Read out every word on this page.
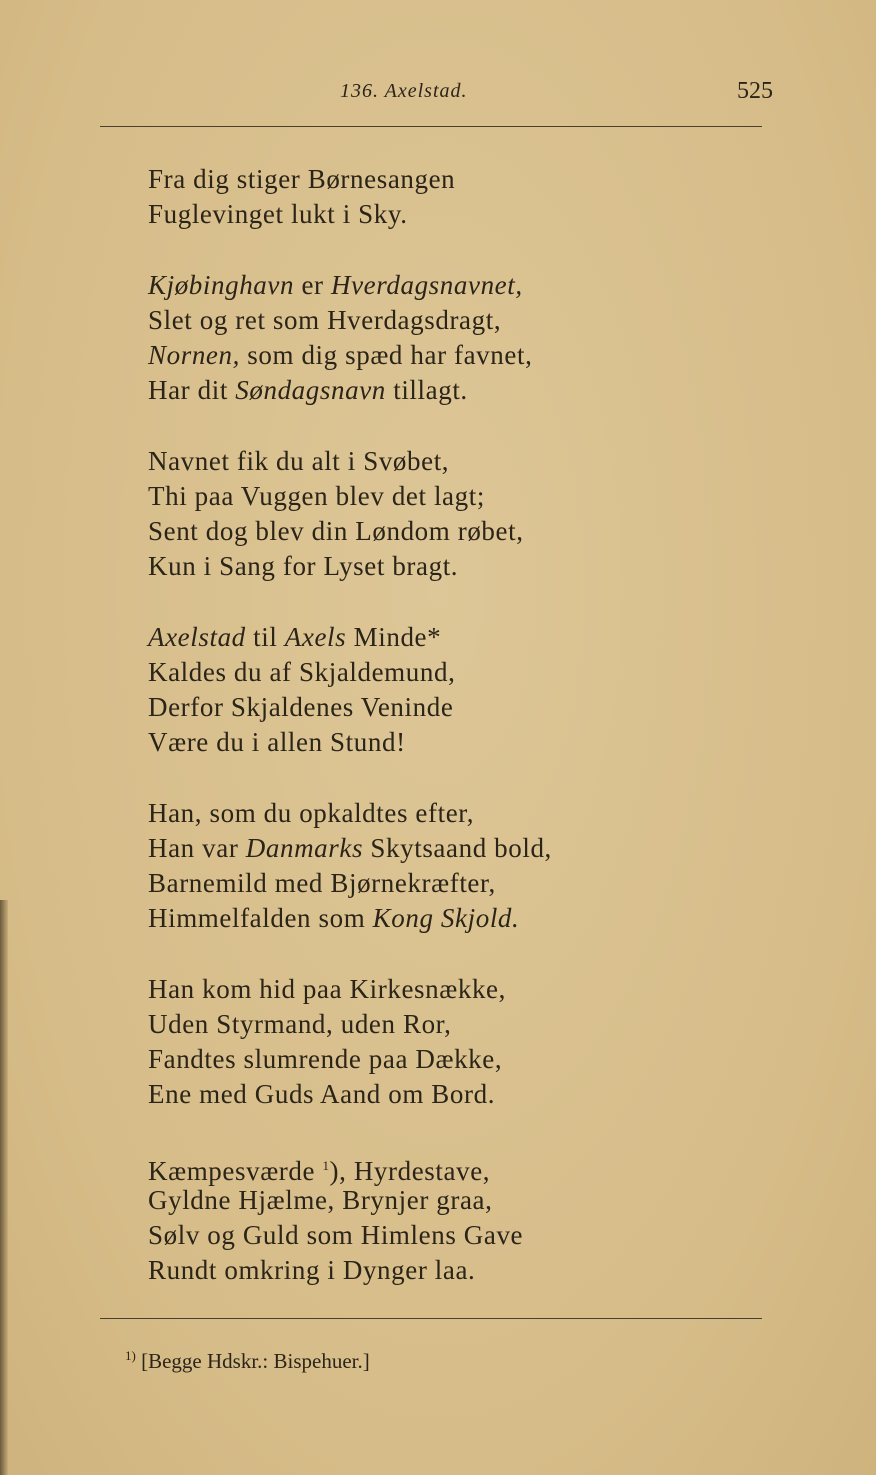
136. Axelstad.	525
Fra dig stiger Børnesangen
Fuglevinget lukt i Sky.
Kjøbinghavn er Hverdagsnavnet,
Slet og ret som Hverdagsdragt,
Nornen, som dig spæd har favnet,
Har dit Søndagsnavn tillagt.
Navnet fik du alt i Svøbet,
Thi paa Vuggen blev det lagt;
Sent dog blev din Løndom røbet,
Kun i Sang for Lyset bragt.
Axelstad til Axels Minde*
Kaldes du af Skjaldemund,
Derfor Skjaldenes Veninde
Være du i allen Stund!
Han, som du opkaldtes efter,
Han var Danmarks Skytsaand bold,
Barnemild med Bjørnekræfter,
Himmelfalden som Kong Skjold.
Han kom hid paa Kirkesnække,
Uden Styrmand, uden Ror,
Fandtes slumrende paa Dække,
Ene med Guds Aand om Bord.
Kæmpesværde $^1$), Hyrdestave,
Gyldne Hjælme, Brynjer graa,
Sølv og Guld som Himlens Gave
Rundt omkring i Dynger laa.
$^{1)}$ [Begge Hdskr.: Bispehuer.]
